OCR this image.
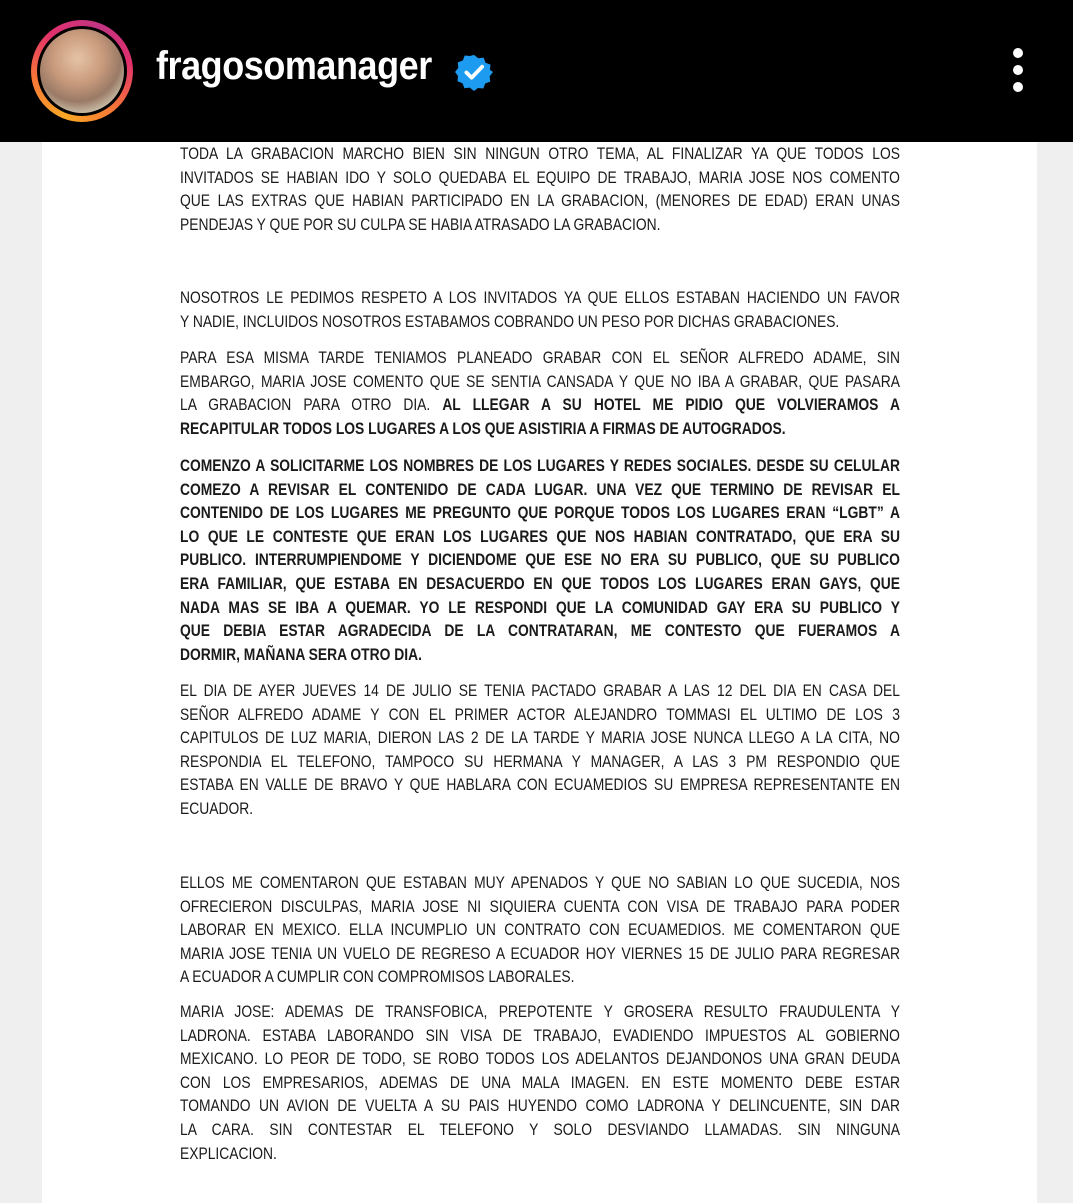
fragosomanager
TODA LA GRABACION MARCHO BIEN SIN NINGUN OTRO TEMA, AL FINALIZAR YA QUE TODOS LOS
INVITADOS SE HABIAN IDO Y SOLO QUEDABA EL EQUIPO DE TRABAJO, MARIA JOSE NOS COMENTO
QUE LAS EXTRAS QUE HABIAN PARTICIPADO EN LA GRABACION, (MENORES DE EDAD) ERAN UNAS
PENDEJAS Y QUE POR SU CULPA SE HABIA ATRASADO LA GRABACION.
NOSOTROS LE PEDIMOS RESPETO A LOS INVITADOS YA QUE ELLOS ESTABAN HACIENDO UN FAVOR
Y NADIE, INCLUIDOS NOSOTROS ESTABAMOS COBRANDO UN PESO POR DICHAS GRABACIONES.
PARA ESA MISMA TARDE TENIAMOS PLANEADO GRABAR CON EL SEÑOR ALFREDO ADAME, SIN
EMBARGO, MARIA JOSE COMENTO QUE SE SENTIA CANSADA Y QUE NO IBA A GRABAR, QUE PASARA
LA GRABACION PARA OTRO DIA. AL LLEGAR A SU HOTEL ME PIDIO QUE VOLVIERAMOS A
RECAPITULAR TODOS LOS LUGARES A LOS QUE ASISTIRIA A FIRMAS DE AUTOGRADOS.
COMENZO A SOLICITARME LOS NOMBRES DE LOS LUGARES Y REDES SOCIALES. DESDE SU CELULAR
COMEZO A REVISAR EL CONTENIDO DE CADA LUGAR. UNA VEZ QUE TERMINO DE REVISAR EL
CONTENIDO DE LOS LUGARES ME PREGUNTO QUE PORQUE TODOS LOS LUGARES ERAN “LGBT” A
LO QUE LE CONTESTE QUE ERAN LOS LUGARES QUE NOS HABIAN CONTRATADO, QUE ERA SU
PUBLICO. INTERRUMPIENDOME Y DICIENDOME QUE ESE NO ERA SU PUBLICO, QUE SU PUBLICO
ERA FAMILIAR, QUE ESTABA EN DESACUERDO EN QUE TODOS LOS LUGARES ERAN GAYS, QUE
NADA MAS SE IBA A QUEMAR. YO LE RESPONDI QUE LA COMUNIDAD GAY ERA SU PUBLICO Y
QUE DEBIA ESTAR AGRADECIDA DE LA CONTRATARAN, ME CONTESTO QUE FUERAMOS A
DORMIR, MAÑANA SERA OTRO DIA.
EL DIA DE AYER JUEVES 14 DE JULIO SE TENIA PACTADO GRABAR A LAS 12 DEL DIA EN CASA DEL
SEÑOR ALFREDO ADAME Y CON EL PRIMER ACTOR ALEJANDRO TOMMASI EL ULTIMO DE LOS 3
CAPITULOS DE LUZ MARIA, DIERON LAS 2 DE LA TARDE Y MARIA JOSE NUNCA LLEGO A LA CITA, NO
RESPONDIA EL TELEFONO, TAMPOCO SU HERMANA Y MANAGER, A LAS 3 PM RESPONDIO QUE
ESTABA EN VALLE DE BRAVO Y QUE HABLARA CON ECUAMEDIOS SU EMPRESA REPRESENTANTE EN
ECUADOR.
ELLOS ME COMENTARON QUE ESTABAN MUY APENADOS Y QUE NO SABIAN LO QUE SUCEDIA, NOS
OFRECIERON DISCULPAS, MARIA JOSE NI SIQUIERA CUENTA CON VISA DE TRABAJO PARA PODER
LABORAR EN MEXICO. ELLA INCUMPLIO UN CONTRATO CON ECUAMEDIOS. ME COMENTARON QUE
MARIA JOSE TENIA UN VUELO DE REGRESO A ECUADOR HOY VIERNES 15 DE JULIO PARA REGRESAR
A ECUADOR A CUMPLIR CON COMPROMISOS LABORALES.
MARIA JOSE: ADEMAS DE TRANSFOBICA, PREPOTENTE Y GROSERA RESULTO FRAUDULENTA Y
LADRONA. ESTABA LABORANDO SIN VISA DE TRABAJO, EVADIENDO IMPUESTOS AL GOBIERNO
MEXICANO. LO PEOR DE TODO, SE ROBO TODOS LOS ADELANTOS DEJANDONOS UNA GRAN DEUDA
CON LOS EMPRESARIOS, ADEMAS DE UNA MALA IMAGEN. EN ESTE MOMENTO DEBE ESTAR
TOMANDO UN AVION DE VUELTA A SU PAIS HUYENDO COMO LADRONA Y DELINCUENTE, SIN DAR
LA CARA. SIN CONTESTAR EL TELEFONO Y SOLO DESVIANDO LLAMADAS. SIN NINGUNA
EXPLICACION.
